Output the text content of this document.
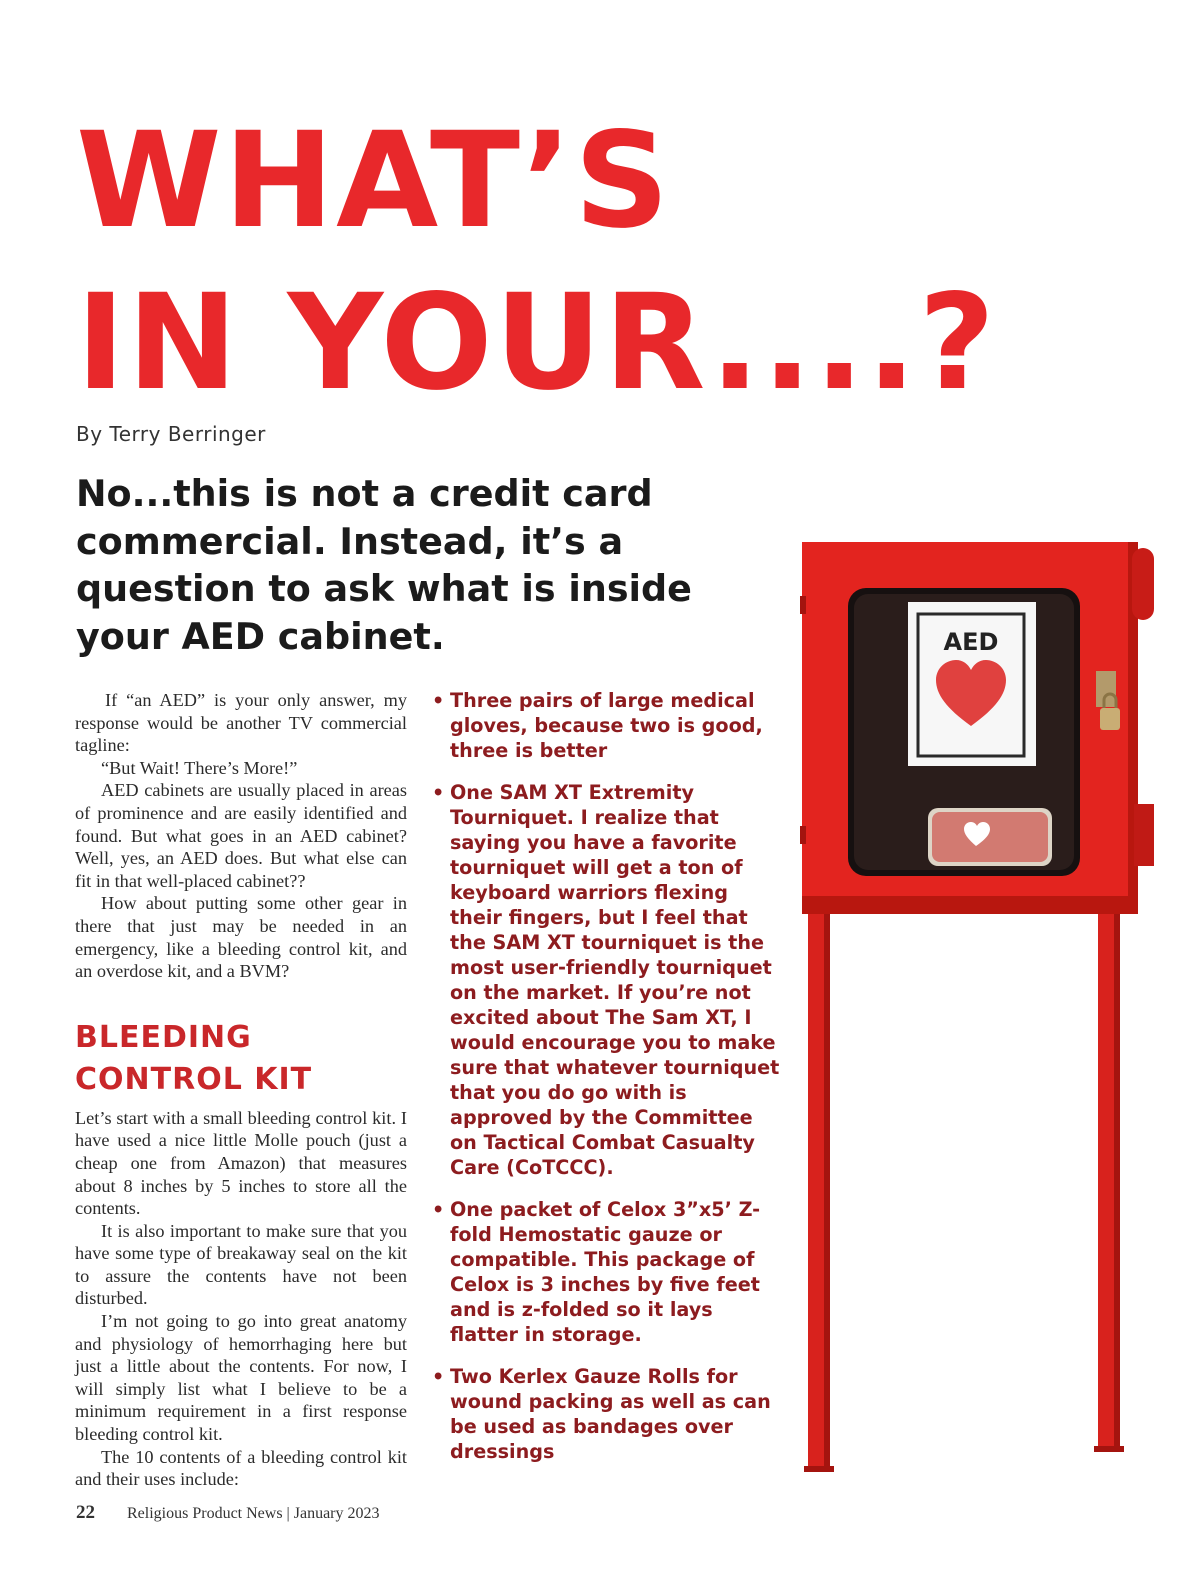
WHAT’S
IN YOUR....?
By Terry Berringer
No...this is not a credit card commercial. Instead, it’s a question to ask what is inside your AED cabinet.

If “an AED” is your only answer, my response would be another TV commercial tagline:

“But Wait! There’s More!”

AED cabinets are usually placed in areas of prominence and are easily identified and found. But what goes in an AED cabinet? Well, yes, an AED does. But what else can fit in that well-placed cabinet??

How about putting some other gear in there that just may be needed in an emergency, like a bleeding control kit, and an overdose kit, and a BVM?

BLEEDING
CONTROL KIT

Let’s start with a small bleeding control kit. I have used a nice little Molle pouch (just a cheap one from Amazon) that measures about 8 inches by 5 inches to store all the contents.

It is also important to make sure that you have some type of breakaway seal on the kit to assure the contents have not been disturbed.

I’m not going to go into great anatomy and physiology of hemorrhaging here but just a little about the contents. For now, I will simply list what I believe to be a minimum requirement in a first response bleeding control kit.

The 10 contents of a bleeding control kit and their uses include:

• Three pairs of large medical gloves, because two is good, three is better
• One SAM XT Extremity Tourniquet. I realize that saying you have a favorite tourniquet will get a ton of keyboard warriors flexing their fingers, but I feel that the SAM XT tourniquet is the most user-friendly tourniquet on the market. If you’re not excited about The Sam XT, I would encourage you to make sure that whatever tourniquet that you do go with is approved by the Committee on Tactical Combat Casualty Care (CoTCCC).
• One packet of Celox 3”x5’ Z-fold Hemostatic gauze or compatible. This package of Celox is 3 inches by five feet and is z-folded so it lays flatter in storage.
• Two Kerlex Gauze Rolls for wound packing as well as can be used as bandages over dressings
AED
22 Religious Product News | January 2023
